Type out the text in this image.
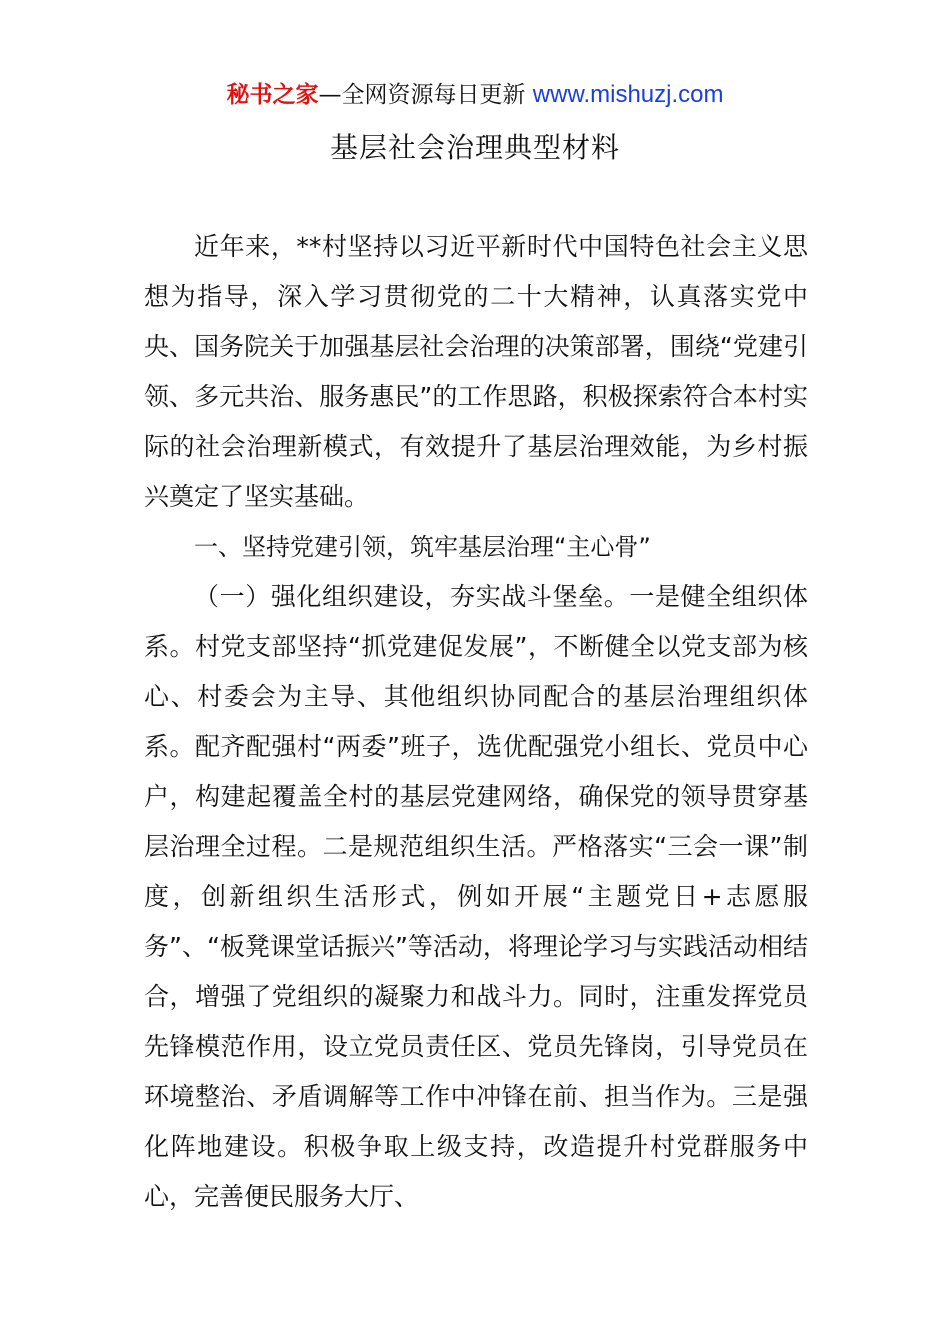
秘书之家—全网资源每日更新 www.mishuzj.com
基层社会治理典型材料

近年来，**村坚持以习近平新时代中国特色社会主义思想为指导，深入学习贯彻党的二十大精神，认真落实党中央、国务院关于加强基层社会治理的决策部署，围绕“党建引领、多元共治、服务惠民”的工作思路，积极探索符合本村实际的社会治理新模式，有效提升了基层治理效能，为乡村振兴奠定了坚实基础。

一、坚持党建引领，筑牢基层治理“主心骨”

（一）强化组织建设，夯实战斗堡垒。一是健全组织体系。村党支部坚持“抓党建促发展”，不断健全以党支部为核心、村委会为主导、其他组织协同配合的基层治理组织体系。配齐配强村“两委”班子，选优配强党小组长、党员中心户，构建起覆盖全村的基层党建网络，确保党的领导贯穿基层治理全过程。二是规范组织生活。严格落实“三会一课”制度，创新组织生活形式，例如开展“主题党日+志愿服务”、“板凳课堂话振兴”等活动，将理论学习与实践活动相结合，增强了党组织的凝聚力和战斗力。同时，注重发挥党员先锋模范作用，设立党员责任区、党员先锋岗，引导党员在环境整治、矛盾调解等工作中冲锋在前、担当作为。三是强化阵地建设。积极争取上级支持，改造提升村党群服务中心，完善便民服务大厅、
